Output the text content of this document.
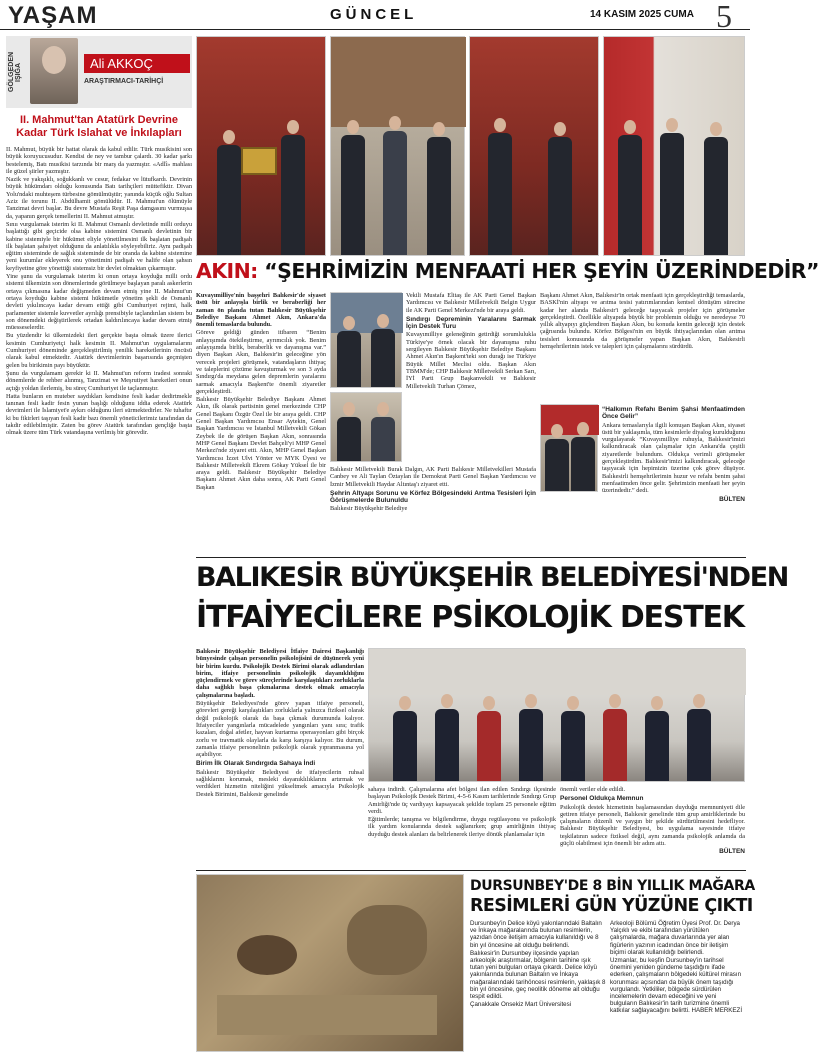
YAŞAM	GÜNCEL	14 KASIM 2025 CUMA 5
GÖLGEDEN IŞIĞA	Ali AKKOÇ
ARAŞTIRMACI-TARİHÇİ
II. Mahmut'tan Atatürk Devrine Kadar Türk Islahat ve İnkılapları

II. Mahmut, büyük bir hattat olarak da kabul edilir. Türk musikisini son büyük koruyucusudur. Kendisi de ney ve tambur çalardı. 30 kadar şarkı bestelemiş, Batı musikisi tarzında bir marş da yazmıştır. «Adlî» mahlası ile güzel şiirler yazmıştır.

Nazik ve yakışıklı, soğukkanlı ve cesur, fedakar ve lütufkardı. Devrinin büyük hükümdarı olduğu konusunda Batı tarihçileri müttefiktir. Divan Yolu'ndaki muhteşem türbesine gömülmüştür; yanında küçük oğlu Sultan Aziz ile torunu II. Abdülhamit gömülüdür. II. Mahmut'un ölümüyle Tanzimat devri başlar. Bu devre Mustafa Reşit Paşa damgasını vurmuşsa da, yapanın gerçek temellerini II. Mahmut atmıştır.

Sınıı vurgulamak isterim ki II. Mahmut Osmanlı devletinde milli orduyu başlattığı gibi geçicide olsa kabine sistemini Osmanlı devletinin bir kabine sistemiyle bir hükümet eliyle yönetilmesini ilk başlatan padişah ilk başlatan şahsiyet olduğunu da anlatılıkla söyleyebiliriz. Aynı padişah eğitim sisteminde de sağlık sisteminde de bir oranda da kabine sistemine yeni kurumlar ekleyerek onu yönetimini padişah ve halife olan şahsın keyfiyetine göre yönettiği sistemsiz bir devlet olmaktan çıkarmıştır.

Yine şunu da vurgulamak isterim ki onun ortaya koyduğu milli ordu sistemi ülkemizin son dönemlerinde görülmeye başlayan paralı askerlerin ortaya çıkmasına kadar değişmeden devam etmiş yine II. Mahmut'un ortaya koyduğu kabine sistemi hükümetle yönetim şekli de Osmanlı devleti yıkılıncaya kadar devam ettiği gibi Cumhuriyet rejimi, halk parlamenter sistemle kuvvetler ayrılığı prensibiyle taçlandırılan sistem bu son dönemdeki değiştirilerek ortadan kaldırılıncaya kadar devam etmiş müesseselerdir.

Bu yüzdendir ki ülkemizdeki ileri gerçekte başta olmak üzere ilerici kesimin Cumhuriyetçi halk kesimin II. Mahmut'un uygulamalarını Cumhuriyet döneminde gerçekleştirilmiş yenilik hareketlerinin öncüsü olarak kabul etmektedir. Atatürk devrimlerinin başarısında geçmişten gelen bu birikimin payı büyüktür.

Şunu da vurgulamam gerekir ki II. Mahmut'un reform iradesi sonraki dönemlerde de rehber alınmış, Tanzimat ve Meşrutiyet hareketleri onun açtığı yoldan ilerlemiş, bu süreç Cumhuriyet ile taçlanmıştır.

Hatta bunların en muteber saydıkları kendisine fesli kadar dedirtmekle tanınan fesli kadir fesin yunan başlığı olduğunu iddia ederek Atatürk devrimleri ile İslamiyet'e aykırı olduğunu ileri sürmektedirler. Ne tuhaftır ki bu fikirleri taşıyan fesli kadir bazı önemli yöneticilerimiz tarafından da takdir edilebilmiştir. Zaten bu görev Atatürk tarafından gençliğe başta olmak üzere tüm Türk vatandaşına verilmiş bir görevdir.

AKIN: “ŞEHRİMİZİN MENFAATİ HER ŞEYİN ÜZERİNDEDİR”

Kuvayımilliye'nin başşehri Balıkesir'de siyaset üstü bir anlayışla birlik ve beraberliği her zaman ön planda tutan Balıkesir Büyükşehir Belediye Başkanı Ahmet Akın, Ankara'da önemli temaslarda bulundu.

Göreve geldiği günden itibaren “Benim anlayışımda ötekileştirme, ayrımcılık yok. Benim anlayışımda birlik, beraberlik ve dayanışma var.” diyen Başkan Akın, Balıkesir'in geleceğine yön verecek projeleri görüşmek, vatandaşların ihtiyaç ve taleplerini çözüme kavuşturmak ve son 3 ayda Sındırgı'da meydana gelen depremlerin yaralarını sarmak amacıyla Başkent'te önemli ziyaretler gerçekleştirdi.

Balıkesir Büyükşehir Belediye Başkanı Ahmet Akın, ilk olarak partisinin genel merkezinde CHP Genel Başkanı Özgür Özel ile bir araya geldi. CHP Genel Başkan Yardımcısı Ensar Aytekin, Genel Başkan Yardımcısı ve İstanbul Milletvekili Gökan Zeybek ile de görüşen Başkan Akın, sonrasında MHP Genel Başkanı Devlet Bahçeli'yi MHP Genel Merkezi'nde ziyaret etti. Akın, MHP Genel Başkan Yardımcısı İzzet Ulvi Yönter ve MYK Üyesi ve Balıkesir Milletvekili Ekrem Gökay Yüksel ile bir araya geldi. Balıkesir Büyükşehir Belediye Başkanı Ahmet Akın daha sonra, AK Parti Genel Başkan

Vekili Mustafa Elitaş ile AK Parti Genel Başkan Yardımcısı ve Balıkesir Milletvekili Belgin Uygur ile AK Parti Genel Merkezi'nde bir araya geldi.

Sındırgı Depreminin Yaralarını Sarmak İçin Destek Turu

Kuvayımilliye geleneğinin getirdiği sorumlulukla Türkiye'ye örnek olacak bir dayanışma ruhu sergileyen Balıkesir Büyükşehir Belediye Başkanı Ahmet Akın'ın Başkent'teki son durağı ise Türkiye Büyük Millet Meclisi oldu. Başkan Akın TBMM'de; CHP Balıkesir Milletvekili Serkan Sarı, İYİ Parti Grup Başkanvekili ve Balıkesir Milletvekili Turhan Çömez,

Balıkesir Milletvekili Burak Dalgın, AK Parti Balıkesir Milletvekilleri Mustafa Canbey ve Ali Taylan Öztaylan ile Demokrat Parti Genel Başkan Yardımcısı ve İzmir Milletvekili Haydar Altıntaş'ı ziyaret etti.

Şehrin Altyapı Sorunu ve Körfez Bölgesindeki Arıtma Tesisleri İçin Görüşmelerde Bulunuldu

Balıkesir Büyükşehir Belediye

Başkanı Ahmet Akın, Balıkesir'in ortak menfaati için gerçekleştirdiği temaslarda, BASKİ'nin altyapı ve arıtma tesisi yatırımlarından kentsel dönüşüm sürecine kadar her alanda Balıkesir'i geleceğe taşıyacak projeler için görüşmeler gerçekleştirdi. Özellikle altyapıda büyük bir problemin olduğu ve neredeyse 70 yıllık altyapıyı güçlendiren Başkan Akın, bu konuda kentin geleceği için destek çağrısında bulundu. Körfez Bölgesi'nin en büyük ihtiyaçlarından olan arıtma tesisleri konusunda da görüşmeler yapan Başkan Akın, Balıkesirli hemşehrilerinin istek ve talepleri için çalışmalarını sürdürdü.

“Halkımın Refahı Benim Şahsi Menfaatimden Önce Gelir”

Ankara temaslarıyla ilgili konuşan Başkan Akın, siyaset üstü bir yaklaşımla, tüm kesimlerle diyalog kurulduğunu vurgulayarak “Kuvayımilliye ruhuyla, Balıkesir'imizi kalkındıracak olan çalışmalar için Ankara'da çeşitli ziyaretlerde bulundum. Oldukça verimli görüşmeler gerçekleştirdim. Balıkesir'imizi kalkındıracak, geleceğe taşıyacak için hepimizin üzerine çok görev düşüyor. Balıkesirli hemşehrilerimin huzur ve refahı benim şahsi menfaatimden önce gelir. Şehrimizin menfaati her şeyin üzerindedir.” dedi.

BÜLTEN

BALIKESİR BÜYÜKŞEHİR BELEDİYESİ'NDEN
İTFAİYECİLERE PSİKOLOJİK DESTEK

Balıkesir Büyükşehir Belediyesi İtfaiye Dairesi Başkanlığı bünyesinde çalışan personelin psikolojisini de düşünerek yeni bir birim kurdu. Psikolojik Destek Birimi olarak adlandırılan birim, itfaiye personelinin psikolojik dayanıklılığını güçlendirmek ve görev süreçlerinde karşılaştıkları zorluklarla daha sağlıklı başa çıkmalarına destek olmak amacıyla çalışmalarına başladı.

Büyükşehir Belediyesi'nde görev yapan itfaiye personeli, görevleri gereği karşılaştıkları zorluklarla yalnızca fiziksel olarak değil psikolojik olarak da başa çıkmak durumunda kalıyor. İtfaiyeciler yangınlarla mücadelede yangınları yanı sıra; trafik kazaları, doğal afetler, hayvan kurtarma operasyonları gibi birçok zorlu ve travmatik olaylarla da karşı karşıya kalıyor. Bu durum, zamanla itfaiye personelinin psikolojik olarak yıpranmasına yol açabiliyor.

Birim İlk Olarak Sındırgıda Sahaya İndi

Balıkesir Büyükşehir Belediyesi de itfaiyecilerin ruhsal sağlıklarını korumak, mesleki dayanıklılıklarını artırmak ve verdikleri hizmetin niteliğini yükseltmek amacıyla Psikolojik Destek Birimini, Balıkesir genelinde

sahaya indirdi. Çalışmalarına afet bölgesi ilan edilen Sındırgı ilçesinde başlayan Psikolojik Destek Birimi, 4-5-6 Kasım tarihlerinde Sındırgı Grup Amirliği'nde üç vardiyayı kapsayacak şekilde toplam 25 personele eğitim verdi.

Eğitimlerde; tanışma ve bilgilendirme, duygu regülasyonu ve psikolojik ilk yardım konularında destek sağlanırken; grup amirliğinin ihtiyaç duyduğu destek alanları da belirlenerek ileriye dönük planlamalar için

önemli veriler elde edildi.

Personel Oldukça Memnun

Psikolojik destek hizmetinin başlamasından duyduğu memnuniyeti dile getiren itfaiye personeli, Balıkesir genelinde tüm grup amirliklerinde bu çalışmaların düzenli ve yaygın bir şekilde sürdürülmesini hedefliyor. Balıkesir Büyükşehir Belediyesi, bu uygulama sayesinde itfaiye teşkilatının sadece fiziksel değil, aynı zamanda psikolojik anlamda da güçlü olabilmesi için önemli bir adım attı.

BÜLTEN

DURSUNBEY'DE 8 BİN YILLIK MAĞARA
RESİMLERİ GÜN YÜZÜNE ÇIKTI

Dursunbey'in Delice köyü yakınlarındaki Baltalın ve İnkaya mağaralarında bulunan resimlerin, yazıdan önce iletişim amacıyla kullanıldığı ve 8 bin yıl öncesine ait olduğu belirlendi.

Balıkesir'in Dursunbey ilçesinde yapılan arkeolojik araştırmalar, bölgenin tarihine ışık tutan yeni bulguları ortaya çıkardı. Delice köyü yakınlarında bulunan Baltalın ve İnkaya mağaralarındaki tarihöncesi resimlerin, yaklaşık 8 bin yıl öncesine, geç neolitik döneme ait olduğu tespit edildi.

Çanakkale Onsekiz Mart Üniversitesi

Arkeoloji Bölümü Öğretim Üyesi Prof. Dr. Derya Yalçıklı ve ekibi tarafından yürütülen çalışmalarda, mağara duvarlarında yer alan figürlerin yazının icadından önce bir iletişim biçimi olarak kullanıldığı belirlendi.

Uzmanlar, bu keşfin Dursunbey'in tarihsel önemini yeniden gündeme taşıdığını ifade ederken, çalışmaların bölgedeki kültürel mirasın korunması açısından da büyük önem taşıdığı vurgulandı. Yetkililer, bölgede sürdürülen incelemelerin devam edeceğini ve yeni bulguların Balıkesir'in tarih turizmine önemli katkılar sağlayacağını belirtti. HABER MERKEZİ
